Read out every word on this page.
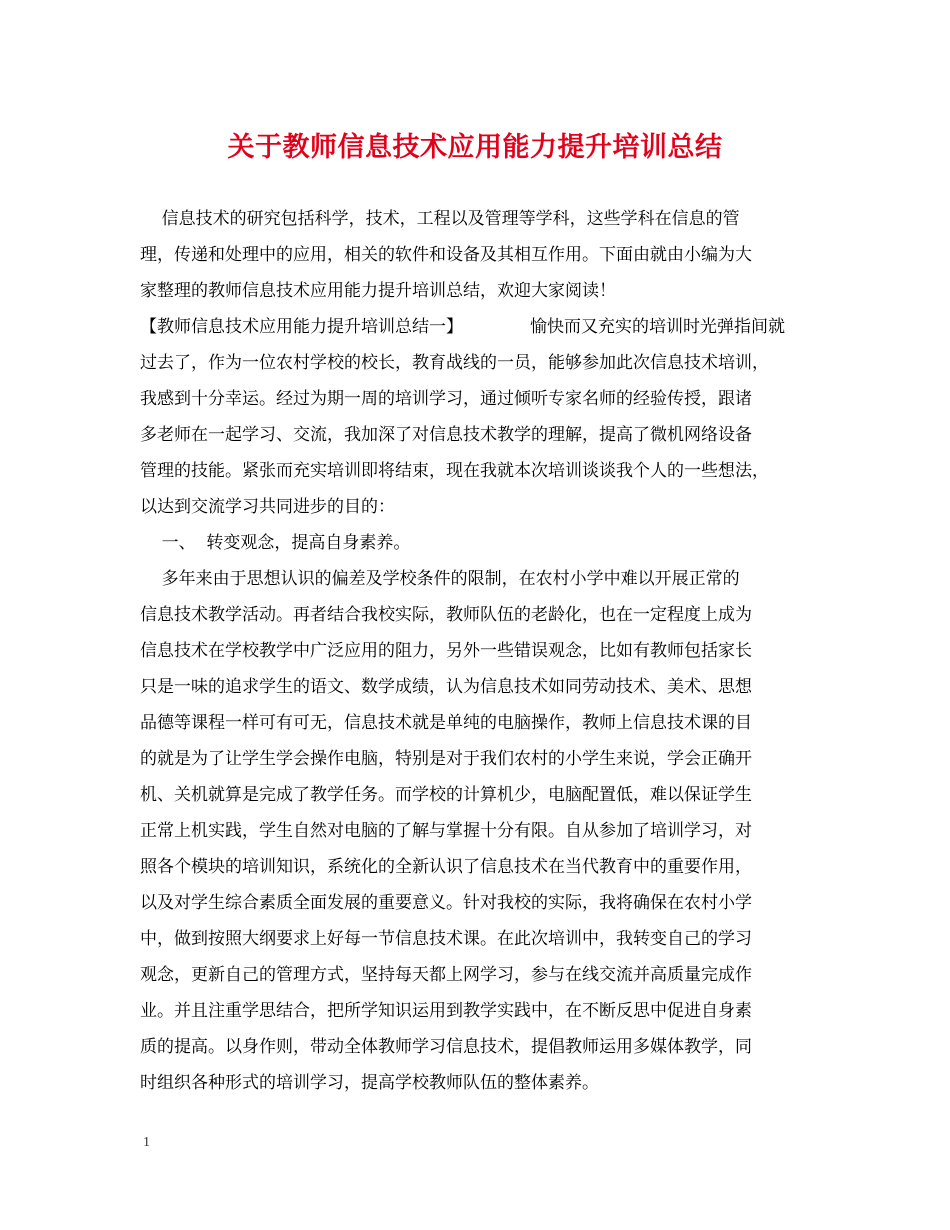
关于教师信息技术应用能力提升培训总结
信息技术的研究包括科学，技术，工程以及管理等学科，这些学科在信息的管
理，传递和处理中的应用，相关的软件和设备及其相互作用。下面由就由小编为大
家整理的教师信息技术应用能力提升培训总结，欢迎大家阅读！
【教师信息技术应用能力提升培训总结一】	愉快而又充实的培训时光弹指间就
过去了，作为一位农村学校的校长，教育战线的一员，能够参加此次信息技术培训，
我感到十分幸运。经过为期一周的培训学习，通过倾听专家名师的经验传授，跟诸
多老师在一起学习、交流，我加深了对信息技术教学的理解，提高了微机网络设备
管理的技能。紧张而充实培训即将结束，现在我就本次培训谈谈我个人的一些想法，
以达到交流学习共同进步的目的：
一、  转变观念，提高自身素养。
多年来由于思想认识的偏差及学校条件的限制，在农村小学中难以开展正常的
信息技术教学活动。再者结合我校实际，教师队伍的老龄化，也在一定程度上成为
信息技术在学校教学中广泛应用的阻力，另外一些错误观念，比如有教师包括家长
只是一味的追求学生的语文、数学成绩，认为信息技术如同劳动技术、美术、思想
品德等课程一样可有可无，信息技术就是单纯的电脑操作，教师上信息技术课的目
的就是为了让学生学会操作电脑，特别是对于我们农村的小学生来说，学会正确开
机、关机就算是完成了教学任务。而学校的计算机少，电脑配置低，难以保证学生
正常上机实践，学生自然对电脑的了解与掌握十分有限。自从参加了培训学习，对
照各个模块的培训知识，系统化的全新认识了信息技术在当代教育中的重要作用，
以及对学生综合素质全面发展的重要意义。针对我校的实际，我将确保在农村小学
中，做到按照大纲要求上好每一节信息技术课。在此次培训中，我转变自己的学习
观念，更新自己的管理方式，坚持每天都上网学习，参与在线交流并高质量完成作
业。并且注重学思结合，把所学知识运用到教学实践中，在不断反思中促进自身素
质的提高。以身作则，带动全体教师学习信息技术，提倡教师运用多媒体教学，同
时组织各种形式的培训学习，提高学校教师队伍的整体素养。
1
